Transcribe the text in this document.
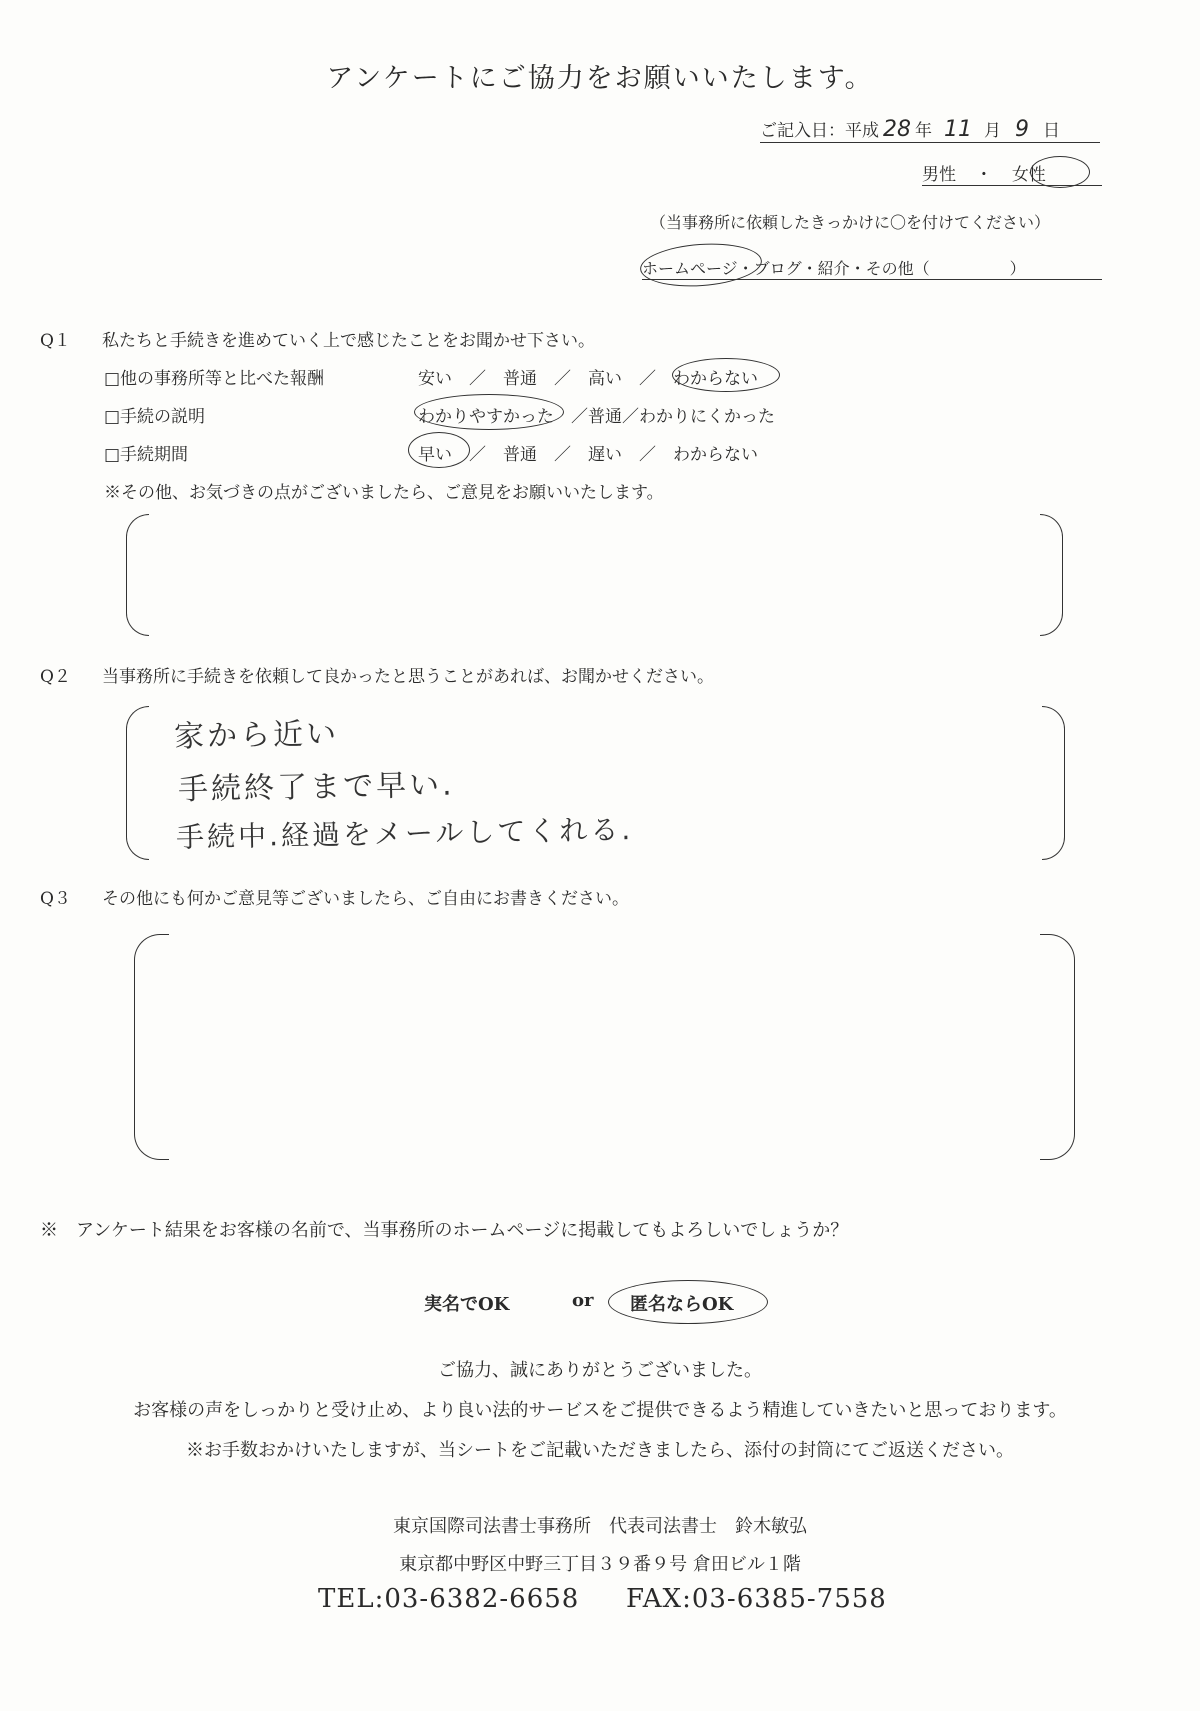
アンケートにご協力をお願いいたします。
ご記入日：平成 28 年 11 月 9 日
男性 ・ 女性
（当事務所に依頼したきっかけに〇を付けてください）
ホームページ・ブログ・紹介・その他（　　　　　）
Q１ 私たちと手続きを進めていく上で感じたことをお聞かせ下さい。
□他の事務所等と比べた報酬	安い　／　普通　／　高い　／　わからない
□手続の説明	わかりやすかった　／普通／わかりにくかった
□手続期間	早い　／　普通　／　遅い　／　わからない
※その他、お気づきの点がございましたら、ご意見をお願いいたします。
Q２ 当事務所に手続きを依頼して良かったと思うことがあれば、お聞かせください。
家から近い
手続終了まで早い.
手続中.経過をメールしてくれる.
Q３ その他にも何かご意見等ございましたら、ご自由にお書きください。
※　アンケート結果をお客様の名前で、当事務所のホームページに掲載してもよろしいでしょうか？
実名でOK	or 匿名ならOK
ご協力、誠にありがとうございました。
お客様の声をしっかりと受け止め、より良い法的サービスをご提供できるよう精進していきたいと思っております。
※お手数おかけいたしますが、当シートをご記載いただきましたら、添付の封筒にてご返送ください。
東京国際司法書士事務所　代表司法書士　鈴木敏弘
東京都中野区中野三丁目３９番９号 倉田ビル１階
TEL:03-6382-6658 FAX:03-6385-7558
